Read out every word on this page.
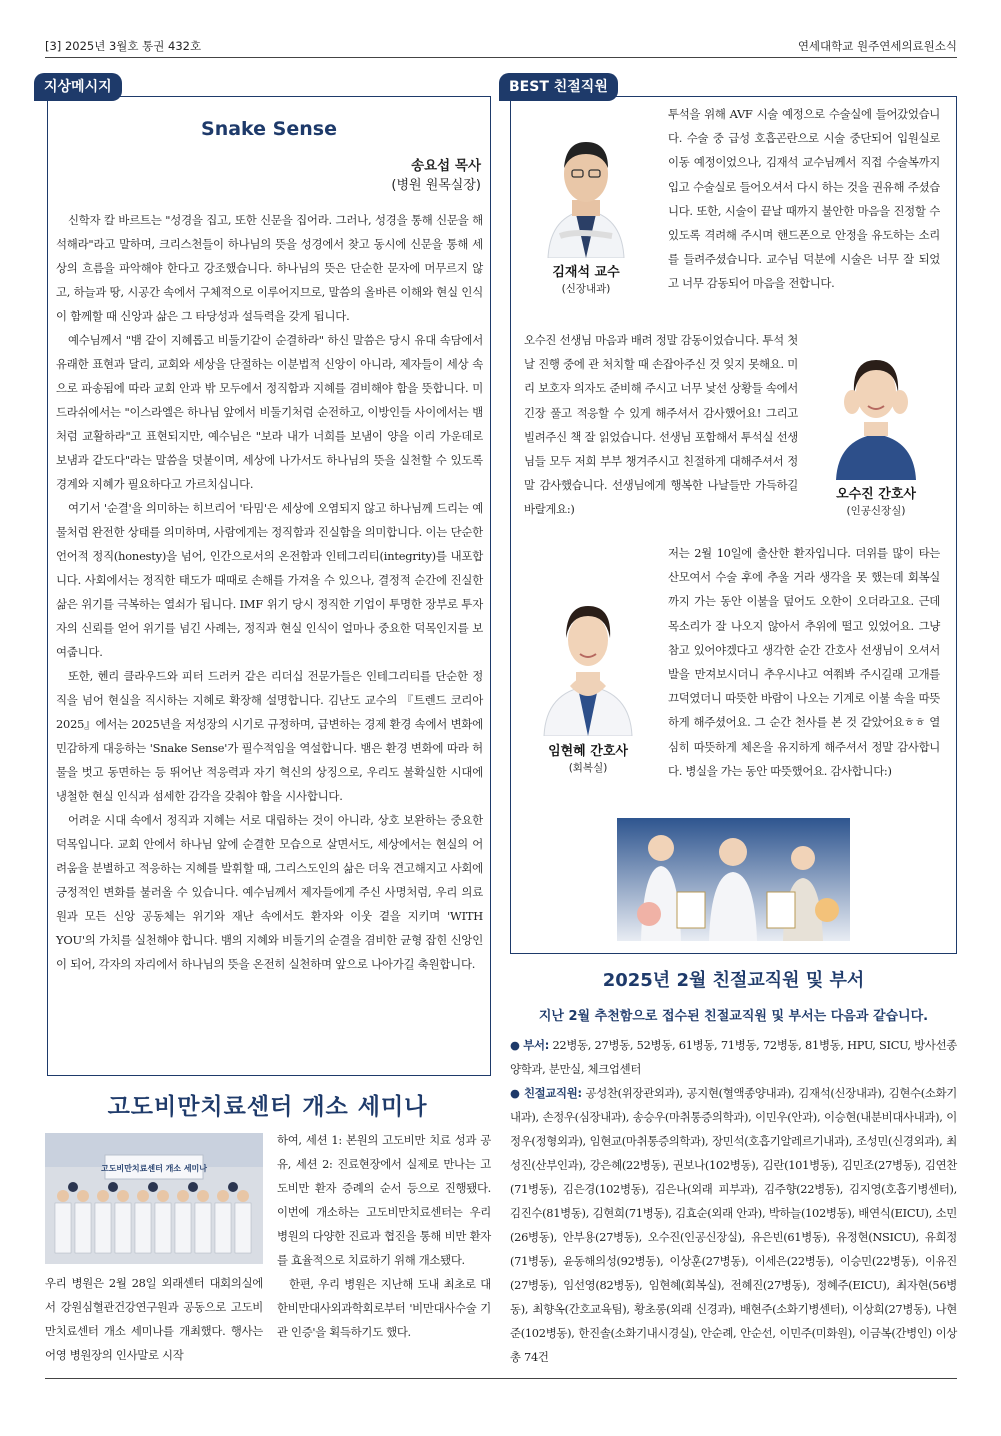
[3] 2025년 3월호 통권 432호	연세대학교 원주연세의료원소식
지상메시지
Snake Sense
송요섭 목사
(병원 원목실장)

신학자 칼 바르트는 "성경을 집고, 또한 신문을 집어라. 그러나, 성경을 통해 신문을 해석해라"라고 말하며, 크리스천들이 하나님의 뜻을 성경에서 찾고 동시에 신문을 통해 세상의 흐름을 파악해야 한다고 강조했습니다. 하나님의 뜻은 단순한 문자에 머무르지 않고, 하늘과 땅, 시공간 속에서 구체적으로 이루어지므로, 말씀의 올바른 이해와 현실 인식이 함께할 때 신앙과 삶은 그 타당성과 설득력을 갖게 됩니다.

예수님께서 "뱀 같이 지혜롭고 비둘기같이 순결하라" 하신 말씀은 당시 유대 속담에서 유래한 표현과 달리, 교회와 세상을 단절하는 이분법적 신앙이 아니라, 제자들이 세상 속으로 파송됨에 따라 교회 안과 밖 모두에서 정직함과 지혜를 겸비해야 함을 뜻합니다. 미드라쉬에서는 "이스라엘은 하나님 앞에서 비둘기처럼 순전하고, 이방인들 사이에서는 뱀처럼 교활하라"고 표현되지만, 예수님은 "보라 내가 너희를 보냄이 양을 이리 가운데로 보냄과 같도다"라는 말씀을 덧붙이며, 세상에 나가서도 하나님의 뜻을 실천할 수 있도록 경계와 지혜가 필요하다고 가르치십니다.

여기서 '순결'을 의미하는 히브리어 '타밈'은 세상에 오염되지 않고 하나님께 드리는 예물처럼 완전한 상태를 의미하며, 사람에게는 정직함과 진실함을 의미합니다. 이는 단순한 언어적 정직(honesty)을 넘어, 인간으로서의 온전함과 인테그리티(integrity)를 내포합니다. 사회에서는 정직한 태도가 때때로 손해를 가져올 수 있으나, 결정적 순간에 진실한 삶은 위기를 극복하는 열쇠가 됩니다. IMF 위기 당시 정직한 기업이 투명한 장부로 투자자의 신뢰를 얻어 위기를 넘긴 사례는, 정직과 현실 인식이 얼마나 중요한 덕목인지를 보여줍니다.

또한, 헨리 클라우드와 피터 드러커 같은 리더십 전문가들은 인테그리티를 단순한 정직을 넘어 현실을 직시하는 지혜로 확장해 설명합니다. 김난도 교수의 『트렌드 코리아 2025』에서는 2025년을 저성장의 시기로 규정하며, 급변하는 경제 환경 속에서 변화에 민감하게 대응하는 'Snake Sense'가 필수적임을 역설합니다. 뱀은 환경 변화에 따라 허물을 벗고 동면하는 등 뛰어난 적응력과 자기 혁신의 상징으로, 우리도 불확실한 시대에 냉철한 현실 인식과 섬세한 감각을 갖춰야 함을 시사합니다.

어려운 시대 속에서 정직과 지혜는 서로 대립하는 것이 아니라, 상호 보완하는 중요한 덕목입니다. 교회 안에서 하나님 앞에 순결한 모습으로 살면서도, 세상에서는 현실의 어려움을 분별하고 적응하는 지혜를 발휘할 때, 그리스도인의 삶은 더욱 견고해지고 사회에 긍정적인 변화를 불러올 수 있습니다. 예수님께서 제자들에게 주신 사명처럼, 우리 의료원과 모든 신앙 공동체는 위기와 재난 속에서도 환자와 이웃 곁을 지키며 'WITH YOU'의 가치를 실천해야 합니다. 뱀의 지혜와 비둘기의 순결을 겸비한 균형 잡힌 신앙인이 되어, 각자의 자리에서 하나님의 뜻을 온전히 실천하며 앞으로 나아가길 축원합니다.

BEST 친절직원
김재석 교수
(신장내과)
투석을 위해 AVF 시술 예정으로 수술실에 들어갔었습니다. 수술 중 급성 호흡곤란으로 시술 중단되어 입원실로 이동 예정이었으나, 김재석 교수님께서 직접 수술복까지 입고 수술실로 들어오셔서 다시 하는 것을 권유해 주셨습니다. 또한, 시술이 끝날 때까지 불안한 마음을 진정할 수 있도록 격려해 주시며 핸드폰으로 안정을 유도하는 소리를 들려주셨습니다. 교수님 덕분에 시술은 너무 잘 되었고 너무 감동되어 마음을 전합니다.
오수진 선생님 마음과 배려 정말 감동이었습니다. 투석 첫날 진행 중에 관 처치할 때 손잡아주신 것 잊지 못해요. 미리 보호자 의자도 준비해 주시고 너무 낯선 상황들 속에서 긴장 풀고 적응할 수 있게 해주셔서 감사했어요! 그리고 빌려주신 책 잘 읽었습니다. 선생님 포함해서 투석실 선생님들 모두 저희 부부 챙겨주시고 친절하게 대해주셔서 정말 감사했습니다. 선생님에게 행복한 나날들만 가득하길 바랄게요:)
오수진 간호사
(인공신장실)
임현혜 간호사
(회복실)
저는 2월 10일에 출산한 환자입니다. 더위를 많이 타는 산모여서 수술 후에 추울 거라 생각을 못 했는데 회복실까지 가는 동안 이불을 덮어도 오한이 오더라고요. 근데 목소리가 잘 나오지 않아서 추위에 떨고 있었어요. 그냥 참고 있어야겠다고 생각한 순간 간호사 선생님이 오셔서 발을 만져보시더니 추우시냐고 여쭤봐 주시길래 고개를 끄덕였더니 따뜻한 바람이 나오는 기계로 이불 속을 따뜻하게 해주셨어요. 그 순간 천사를 본 것 같았어요ㅎㅎ 열심히 따뜻하게 체온을 유지하게 해주셔서 정말 감사합니다. 병실을 가는 동안 따뜻했어요. 감사합니다:)
2025년 2월 친절교직원 및 부서
지난 2월 추천함으로 접수된 친절교직원 및 부서는 다음과 같습니다.
● 부서: 22병동, 27병동, 52병동, 61병동, 71병동, 72병동, 81병동, HPU, SICU, 방사선종양학과, 분만실, 체크업센터
● 친절교직원: 공성찬(위장관외과), 공지현(혈액종양내과), 김재석(신장내과), 김현수(소화기내과), 손정우(심장내과), 송승우(마취통증의학과), 이민우(안과), 이승현(내분비대사내과), 이정우(정형외과), 임현교(마취통증의학과), 장민석(호흡기알레르기내과), 조성민(신경외과), 최성진(산부인과), 강은혜(22병동), 권보나(102병동), 김란(101병동), 김민조(27병동), 김연찬(71병동), 김은경(102병동), 김은나(외래 피부과), 김주향(22병동), 김지영(호흡기병센터), 김진수(81병동), 김현희(71병동), 김효순(외래 안과), 박하늘(102병동), 배연식(EICU), 소민(26병동), 안부용(27병동), 오수진(인공신장실), 유은빈(61병동), 유정현(NSICU), 유희정(71병동), 윤동해의성(92병동), 이상훈(27병동), 이세은(22병동), 이승민(22병동), 이유진(27병동), 임선영(82병동), 임현혜(회복실), 전혜진(27병동), 정혜주(EICU), 최자현(56병동), 최향옥(간호교육팀), 황초롱(외래 신경과), 배현주(소화기병센터), 이상희(27병동), 나현준(102병동), 한진솔(소화기내시경실), 안순례, 안순선, 이민주(미화원), 이금복(간병인) 이상 총 74건
고도비만치료센터 개소 세미나
고도비만치료센터 개소 세미나
우리 병원은 2월 28일 외래센터 대회의실에서 강원심혈관건강연구원과 공동으로 고도비만치료센터 개소 세미나를 개최했다. 행사는 어영 병원장의 인사말로 시작
하여, 세션 1: 본원의 고도비만 치료 성과 공유, 세션 2: 진료현장에서 실제로 만나는 고도비만 환자 증례의 순서 등으로 진행됐다. 이번에 개소하는 고도비만치료센터는 우리 병원의 다양한 진료과 협진을 통해 비만 환자를 효율적으로 치료하기 위해 개소됐다.
한편, 우리 병원은 지난해 도내 최초로 대한비만대사외과학회로부터 '비만대사수술 기관 인증'을 획득하기도 했다.
